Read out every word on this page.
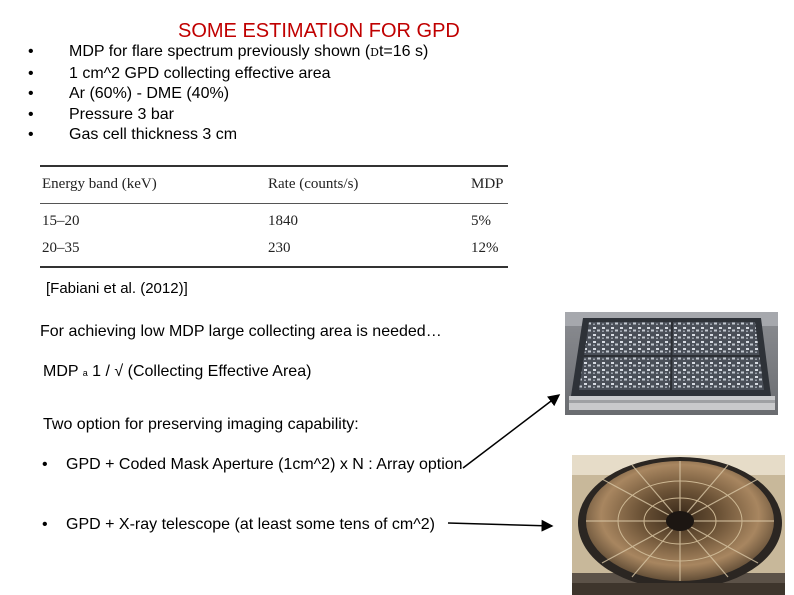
SOME ESTIMATION FOR GPD
•	MDP for flare spectrum previously shown (Dt=16 s)
•	1 cm^2 GPD collecting effective area
•	Ar (60%) - DME (40%)
•	Pressure 3 bar
•	Gas cell thickness 3 cm
Energy band (keV)	Rate (counts/s)	MDP
15–20	1840	5%
20–35	230	12%
[Fabiani et al. (2012)]
For achieving low MDP large collecting area is needed…
MDP a 1 / √ (Collecting Effective Area)
Two option for preserving imaging capability:
•	GPD + Coded Mask Aperture (1cm^2) x N : Array option
•	GPD + X-ray telescope (at least some tens of cm^2)
